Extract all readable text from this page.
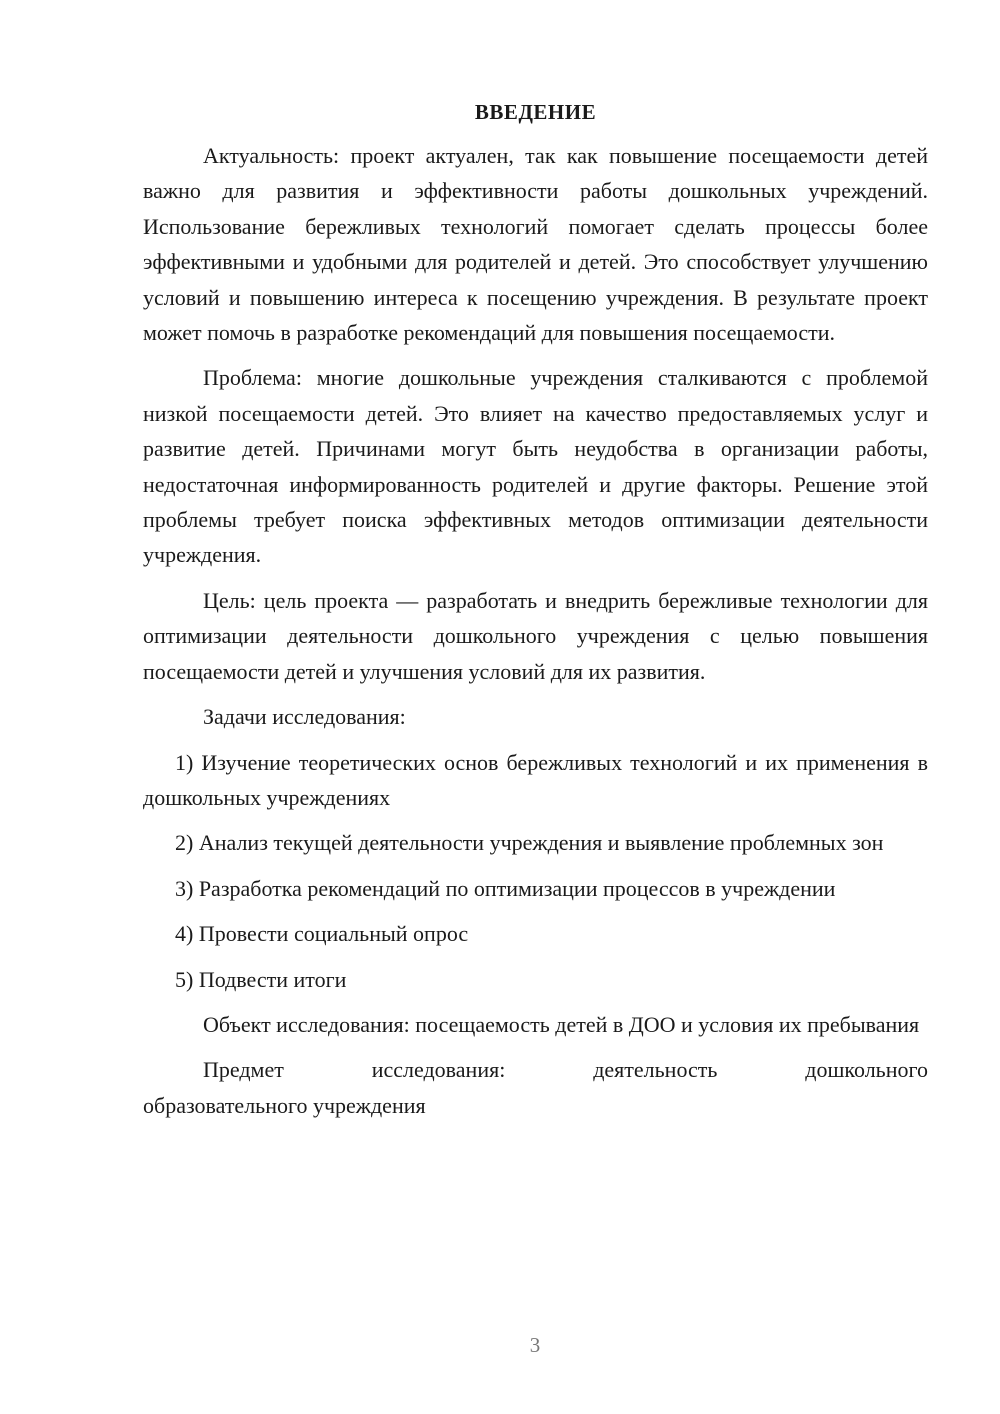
ВВЕДЕНИЕ

Актуальность: проект актуален, так как повышение посещаемости детей важно для развития и эффективности работы дошкольных учреждений. Использование бережливых технологий помогает сделать процессы более эффективными и удобными для родителей и детей. Это способствует улучшению условий и повышению интереса к посещению учреждения. В результате проект может помочь в разработке рекомендаций для повышения посещаемости.

Проблема: многие дошкольные учреждения сталкиваются с проблемой низкой посещаемости детей. Это влияет на качество предоставляемых услуг и развитие детей. Причинами могут быть неудобства в организации работы, недостаточная информированность родителей и другие факторы. Решение этой проблемы требует поиска эффективных методов оптимизации деятельности учреждения.

Цель: цель проекта — разработать и внедрить бережливые технологии для оптимизации деятельности дошкольного учреждения с целью повышения посещаемости детей и улучшения условий для их развития.

Задачи исследования:

1) Изучение теоретических основ бережливых технологий и их применения в дошкольных учреждениях

2) Анализ текущей деятельности учреждения и выявление проблемных зон

3) Разработка рекомендаций по оптимизации процессов в учреждении

4) Провести социальный опрос

5) Подвести итоги

Объект исследования: посещаемость детей в ДОО и условия их пребывания

Предмет	исследования:	деятельность	дошкольного
образовательного учреждения
3
